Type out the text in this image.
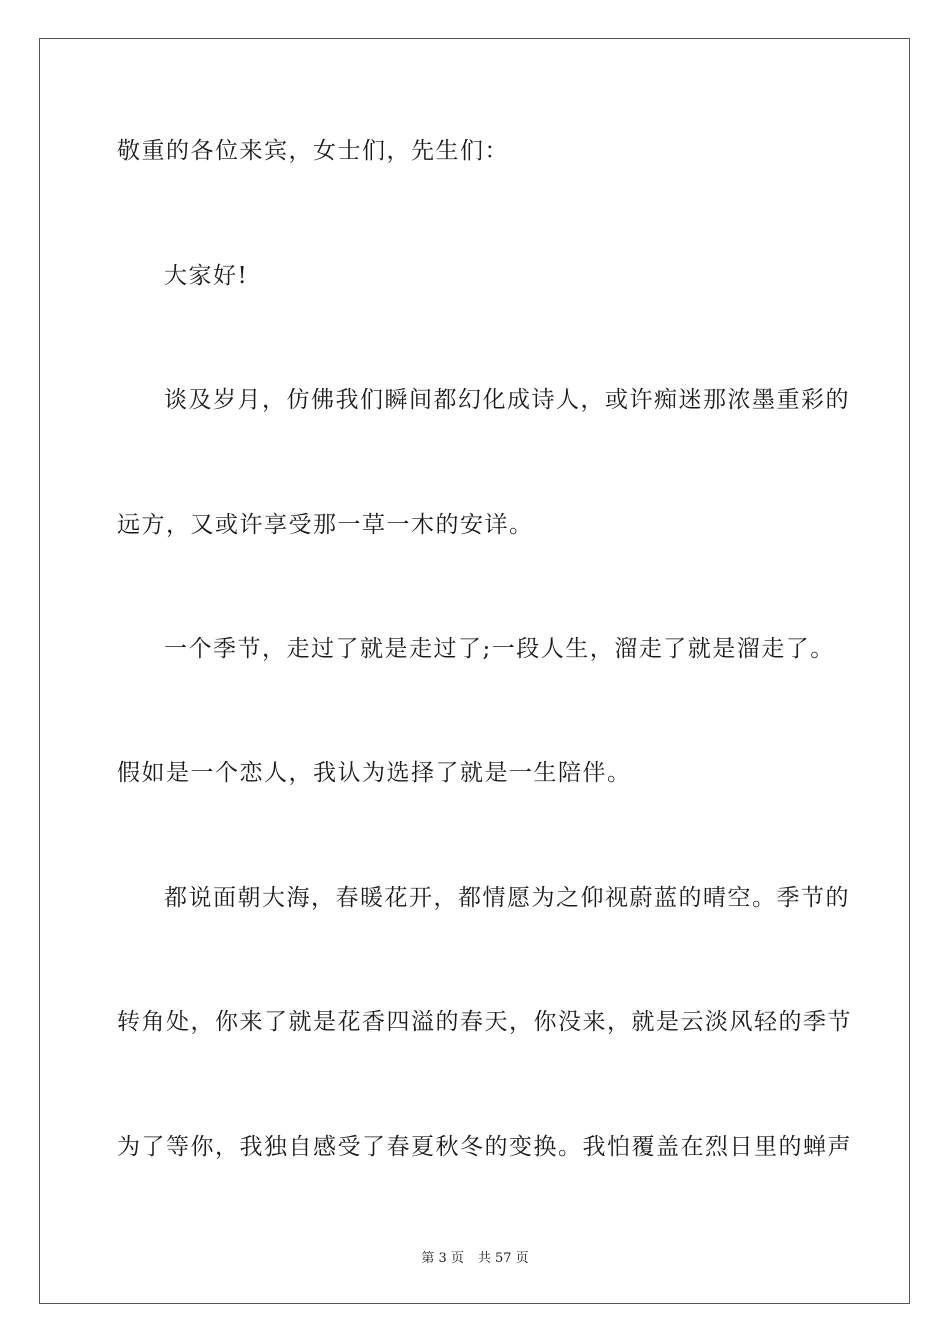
敬重的各位来宾，女士们，先生们：
大家好!
谈及岁月，仿佛我们瞬间都幻化成诗人，或许痴迷那浓墨重彩的
远方，又或许享受那一草一木的安详。
一个季节，走过了就是走过了;一段人生，溜走了就是溜走了。
假如是一个恋人，我认为选择了就是一生陪伴。
都说面朝大海，春暖花开，都情愿为之仰视蔚蓝的晴空。季节的
转角处，你来了就是花香四溢的春天，你没来，就是云淡风轻的季节
为了等你，我独自感受了春夏秋冬的变换。我怕覆盖在烈日里的蝉声
第 3 页 共 57 页
